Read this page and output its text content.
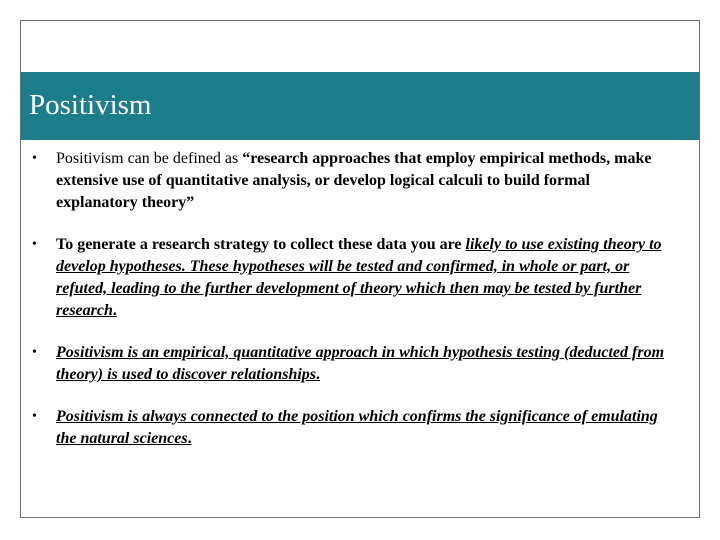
Positivism
• Positivism can be defined as “research approaches that employ empirical methods, make extensive use of quantitative analysis, or develop logical calculi to build formal explanatory theory”
• To generate a research strategy to collect these data you are likely to use existing theory to develop hypotheses. These hypotheses will be tested and confirmed, in whole or part, or refuted, leading to the further development of theory which then may be tested by further research.
• Positivism is an empirical, quantitative approach in which hypothesis testing (deducted from theory) is used to discover relationships.
• Positivism is always connected to the position which confirms the significance of emulating the natural sciences.
